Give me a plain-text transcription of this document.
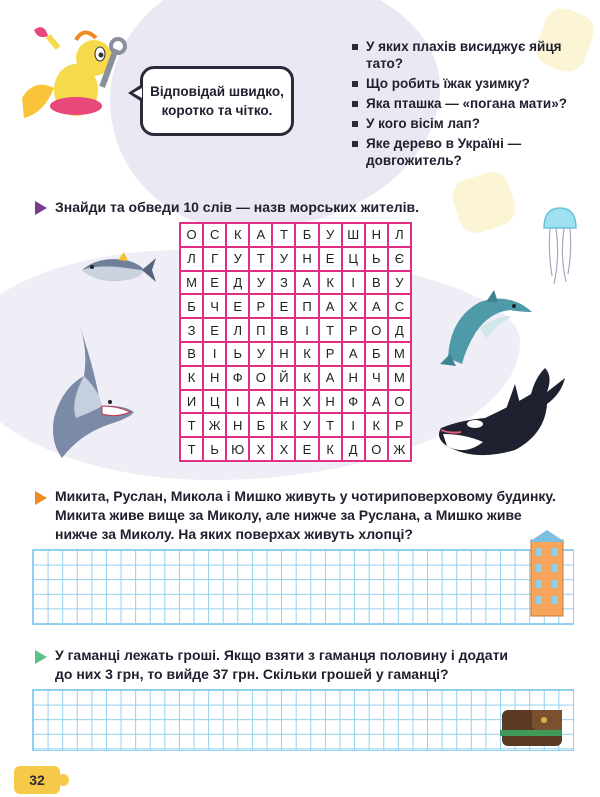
Відповідай швидко,
коротко та чітко.
У яких плахів висиджує яйця тато?
Що робить їжак узимку?
Яка пташка — «погана мати»?
У кого вісім лап?
Яке дерево в Україні — довгожитель?
Знайди та обведи 10 слів — назв морських жителів.
О	С	К	А	Т	Б	У	Ш	Н	Л
Л	Г	У	Т	У	Н	Е	Ц	Ь	Є
М	Е	Д	У	З	А	К	І	В	У
Б	Ч	Е	Р	Е	П	А	Х	А	С
З	Е	Л	П	В	І	Т	Р	О	Д
В	І	Ь	У	Н	К	Р	А	Б	М
К	Н	Ф	О	Й	К	А	Н	Ч	М
И	Ц	І	А	Н	Х	Н	Ф	А	О
Т	Ж	Н	Б	К	У	Т	І	К	Р
Т	Ь	Ю	Х	Х	Е	К	Д	О	Ж
Микита, Руслан, Микола і Мишко живуть у чотириповерховому будинку.
Микита живе вище за Миколу, але нижче за Руслана, а Мишко живе
нижче за Миколу. На яких поверхах живуть хлопці?
У гаманці лежать гроші. Якщо взяти з гаманця половину і додати
до них 3 грн, то вийде 37 грн. Скільки грошей у гаманці?
32
